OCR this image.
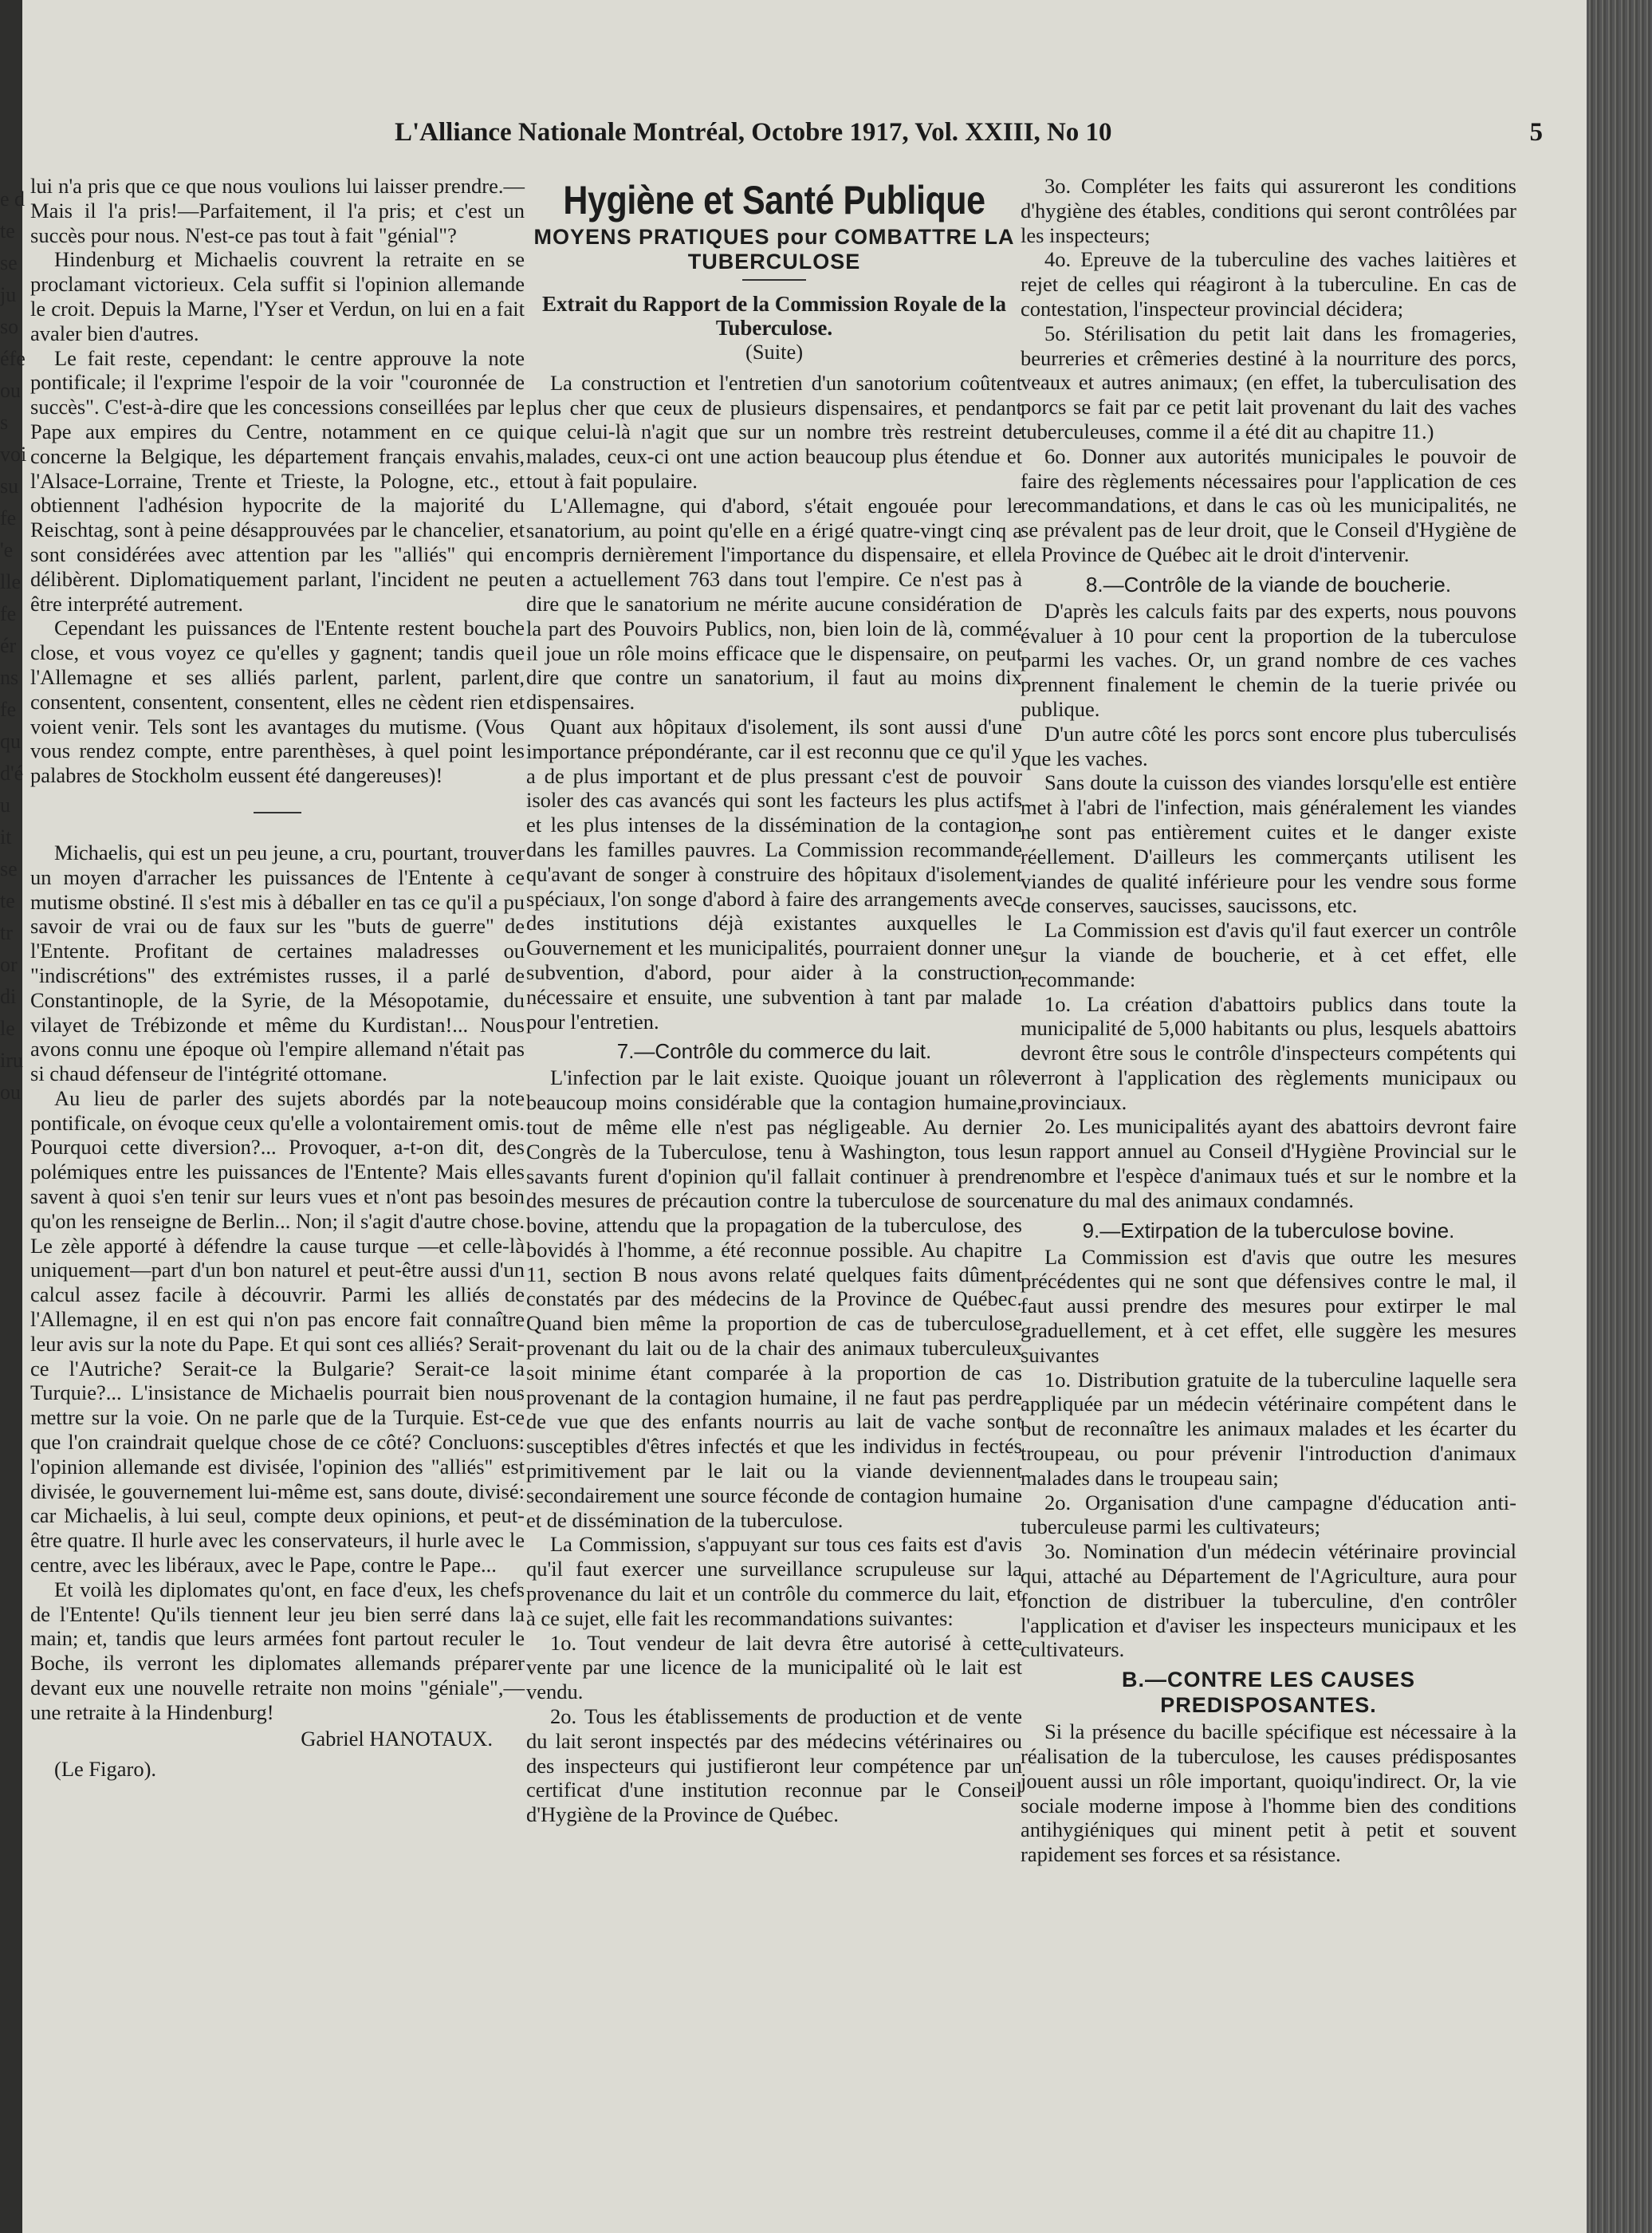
e d
te
se
ju
so
éfe
ou
s
voi
su
fe
'e
lle
fe
ér
ns
fe
qu
d'é
u
it
se
te
tr
or
di
le
iru
ou
L'Alliance Nationale Montréal, Octobre 1917, Vol. XXIII, No 10	5

lui n'a pris que ce que nous voulions lui laisser prendre.—Mais il l'a pris!—Parfaitement, il l'a pris; et c'est un succès pour nous. N'est-ce pas tout à fait "génial"?

Hindenburg et Michaelis couvrent la retraite en se proclamant victorieux. Cela suffit si l'opinion allemande le croit. Depuis la Marne, l'Yser et Verdun, on lui en a fait avaler bien d'autres.

Le fait reste, cependant: le centre approuve la note pontificale; il l'exprime l'espoir de la voir "couronnée de succès". C'est-à-dire que les concessions conseillées par le Pape aux empires du Centre, notamment en ce qui concerne la Belgique, les département français envahis, l'Alsace-Lorraine, Trente et Trieste, la Pologne, etc., et obtiennent l'adhésion hypocrite de la majorité du Reischtag, sont à peine désapprouvées par le chancelier, et sont considérées avec attention par les "alliés" qui en délibèrent. Diplomatiquement parlant, l'incident ne peut être interprété autrement.

Cependant les puissances de l'Entente restent bouche close, et vous voyez ce qu'elles y gagnent; tandis que l'Allemagne et ses alliés parlent, parlent, parlent, consentent, consentent, consentent, elles ne cèdent rien et voient venir. Tels sont les avantages du mutisme. (Vous vous rendez compte, entre parenthèses, à quel point les palabres de Stockholm eussent été dangereuses)!

Michaelis, qui est un peu jeune, a cru, pourtant, trouver un moyen d'arracher les puissances de l'Entente à ce mutisme obstiné. Il s'est mis à déballer en tas ce qu'il a pu savoir de vrai ou de faux sur les "buts de guerre" de l'Entente. Profitant de certaines maladresses ou "indiscrétions" des extrémistes russes, il a parlé de Constantinople, de la Syrie, de la Mésopotamie, du vilayet de Trébizonde et même du Kurdistan!... Nous avons connu une époque où l'empire allemand n'était pas si chaud défenseur de l'intégrité ottomane.

Au lieu de parler des sujets abordés par la note pontificale, on évoque ceux qu'elle a volontairement omis. Pourquoi cette diversion?... Provoquer, a-t-on dit, des polémiques entre les puissances de l'Entente? Mais elles savent à quoi s'en tenir sur leurs vues et n'ont pas besoin qu'on les renseigne de Berlin... Non; il s'agit d'autre chose. Le zèle apporté à défendre la cause turque —et celle-là uniquement—part d'un bon naturel et peut-être aussi d'un calcul assez facile à découvrir. Parmi les alliés de l'Allemagne, il en est qui n'on pas encore fait connaître leur avis sur la note du Pape. Et qui sont ces alliés? Serait-ce l'Autriche? Serait-ce la Bulgarie? Serait-ce la Turquie?... L'insistance de Michaelis pourrait bien nous mettre sur la voie. On ne parle que de la Turquie. Est-ce que l'on craindrait quelque chose de ce côté? Concluons: l'opinion allemande est divisée, l'opinion des "alliés" est divisée, le gouvernement lui-même est, sans doute, divisé: car Michaelis, à lui seul, compte deux opinions, et peut-être quatre. Il hurle avec les conservateurs, il hurle avec le centre, avec les libéraux, avec le Pape, contre le Pape...

Et voilà les diplomates qu'ont, en face d'eux, les chefs de l'Entente! Qu'ils tiennent leur jeu bien serré dans la main; et, tandis que leurs armées font partout reculer le Boche, ils verront les diplomates allemands préparer devant eux une nouvelle retraite non moins "géniale",— une retraite à la Hindenburg!

Gabriel HANOTAUX.

(Le Figaro).

Hygiène et Santé Publique
MOYENS PRATIQUES pour COMBATTRE LA TUBERCULOSE
Extrait du Rapport de la Commission Royale de la Tuberculose.
(Suite)

La construction et l'entretien d'un sanotorium coûtent plus cher que ceux de plusieurs dispensaires, et pendant que celui-là n'agit que sur un nombre très restreint de malades, ceux-ci ont une action beaucoup plus étendue et tout à fait populaire.

L'Allemagne, qui d'abord, s'était engouée pour le sanatorium, au point qu'elle en a érigé quatre-vingt cinq a compris dernièrement l'importance du dispensaire, et elle en a actuellement 763 dans tout l'empire. Ce n'est pas à dire que le sanatorium ne mérite aucune considération de la part des Pouvoirs Publics, non, bien loin de là, commé il joue un rôle moins efficace que le dispensaire, on peut dire que contre un sanatorium, il faut au moins dix dispensaires.

Quant aux hôpitaux d'isolement, ils sont aussi d'une importance prépondérante, car il est reconnu que ce qu'il y a de plus important et de plus pressant c'est de pouvoir isoler des cas avancés qui sont les facteurs les plus actifs et les plus intenses de la dissémination de la contagion dans les familles pauvres. La Commission recommande qu'avant de songer à construire des hôpitaux d'isolement spéciaux, l'on songe d'abord à faire des arrangements avec des institutions déjà existantes auxquelles le Gouvernement et les municipalités, pourraient donner une subvention, d'abord, pour aider à la construction nécessaire et ensuite, une subvention à tant par malade pour l'entretien.

7.—Contrôle du commerce du lait.

L'infection par le lait existe. Quoique jouant un rôle beaucoup moins considérable que la contagion humaine, tout de même elle n'est pas négligeable. Au dernier Congrès de la Tuberculose, tenu à Washington, tous les savants furent d'opinion qu'il fallait continuer à prendre des mesures de précaution contre la tuberculose de source bovine, attendu que la propagation de la tuberculose, des bovidés à l'homme, a été reconnue possible. Au chapitre 11, section B nous avons relaté quelques faits dûment constatés par des médecins de la Province de Québec. Quand bien même la proportion de cas de tuberculose provenant du lait ou de la chair des animaux tuberculeux soit minime étant comparée à la proportion de cas provenant de la contagion humaine, il ne faut pas perdre de vue que des enfants nourris au lait de vache sont susceptibles d'êtres infectés et que les individus in fectés primitivement par le lait ou la viande deviennent secondairement une source féconde de contagion humaine et de dissémination de la tuberculose.

La Commission, s'appuyant sur tous ces faits est d'avis qu'il faut exercer une surveillance scrupuleuse sur la provenance du lait et un contrôle du commerce du lait, et à ce sujet, elle fait les recommandations suivantes:

1o. Tout vendeur de lait devra être autorisé à cette vente par une licence de la municipalité où le lait est vendu.

2o. Tous les établissements de production et de vente du lait seront inspectés par des médecins vétérinaires ou des inspecteurs qui justifieront leur compétence par un certificat d'une institution reconnue par le Conseil d'Hygiène de la Province de Québec.

3o. Compléter les faits qui assureront les conditions d'hygiène des étables, conditions qui seront contrôlées par les inspecteurs;

4o. Epreuve de la tuberculine des vaches laitières et rejet de celles qui réagiront à la tuberculine. En cas de contestation, l'inspecteur provincial décidera;

5o. Stérilisation du petit lait dans les fromageries, beurreries et crêmeries destiné à la nourriture des porcs, veaux et autres animaux; (en effet, la tuberculisation des porcs se fait par ce petit lait provenant du lait des vaches tuberculeuses, comme il a été dit au chapitre 11.)

6o. Donner aux autorités municipales le pouvoir de faire des règlements nécessaires pour l'application de ces recommandations, et dans le cas où les municipalités, ne se prévalent pas de leur droit, que le Conseil d'Hygiène de la Province de Québec ait le droit d'intervenir.

8.—Contrôle de la viande de boucherie.

D'après les calculs faits par des experts, nous pouvons évaluer à 10 pour cent la proportion de la tuberculose parmi les vaches. Or, un grand nombre de ces vaches prennent finalement le chemin de la tuerie privée ou publique.

D'un autre côté les porcs sont encore plus tuberculisés que les vaches.

Sans doute la cuisson des viandes lorsqu'elle est entière met à l'abri de l'infection, mais généralement les viandes ne sont pas entièrement cuites et le danger existe réellement. D'ailleurs les commerçants utilisent les viandes de qualité inférieure pour les vendre sous forme de conserves, saucisses, saucissons, etc.

La Commission est d'avis qu'il faut exercer un contrôle sur la viande de boucherie, et à cet effet, elle recommande:

1o. La création d'abattoirs publics dans toute la municipalité de 5,000 habitants ou plus, lesquels abattoirs devront être sous le contrôle d'inspecteurs compétents qui verront à l'application des règlements municipaux ou provinciaux.

2o. Les municipalités ayant des abattoirs devront faire un rapport annuel au Conseil d'Hygiène Provincial sur le nombre et l'espèce d'animaux tués et sur le nombre et la nature du mal des animaux condamnés.

9.—Extirpation de la tuberculose bovine.

La Commission est d'avis que outre les mesures précédentes qui ne sont que défensives contre le mal, il faut aussi prendre des mesures pour extirper le mal graduellement, et à cet effet, elle suggère les mesures suivantes

1o. Distribution gratuite de la tuberculine laquelle sera appliquée par un médecin vétérinaire compétent dans le but de reconnaître les animaux malades et les écarter du troupeau, ou pour prévenir l'introduction d'animaux malades dans le troupeau sain;

2o. Organisation d'une campagne d'éducation anti-tuberculeuse parmi les cultivateurs;

3o. Nomination d'un médecin vétérinaire provincial qui, attaché au Département de l'Agriculture, aura pour fonction de distribuer la tuberculine, d'en contrôler l'application et d'aviser les inspecteurs municipaux et les cultivateurs.

B.—CONTRE LES CAUSES PREDISPOSANTES.

Si la présence du bacille spécifique est nécessaire à la réalisation de la tuberculose, les causes prédisposantes jouent aussi un rôle important, quoiqu'indirect. Or, la vie sociale moderne impose à l'homme bien des conditions antihygiéniques qui minent petit à petit et souvent rapidement ses forces et sa résistance.
